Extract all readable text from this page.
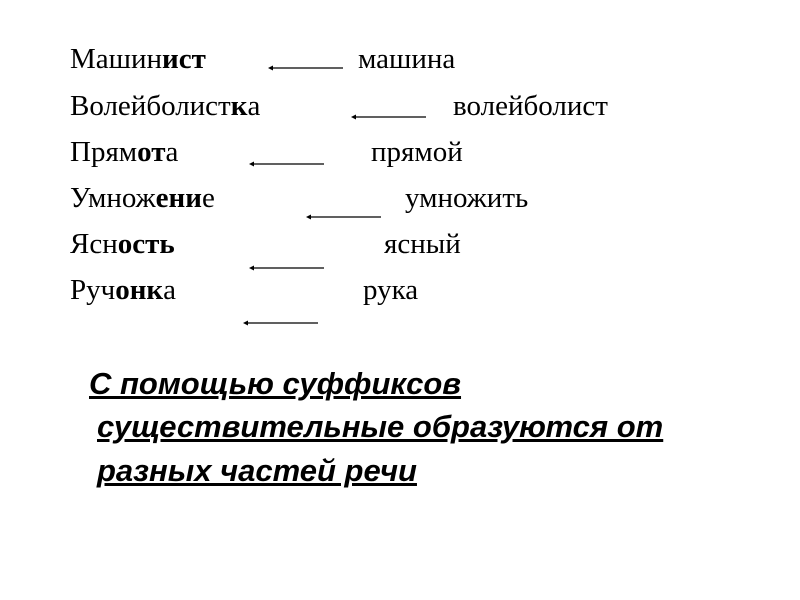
Машинист
Волейболистка
Прямота
Умножение
Ясность
Ручонка
машина
волейболист
прямой
умножить
ясный
рука
С помощью суффиксов
существительные образуются от
разных частей речи
